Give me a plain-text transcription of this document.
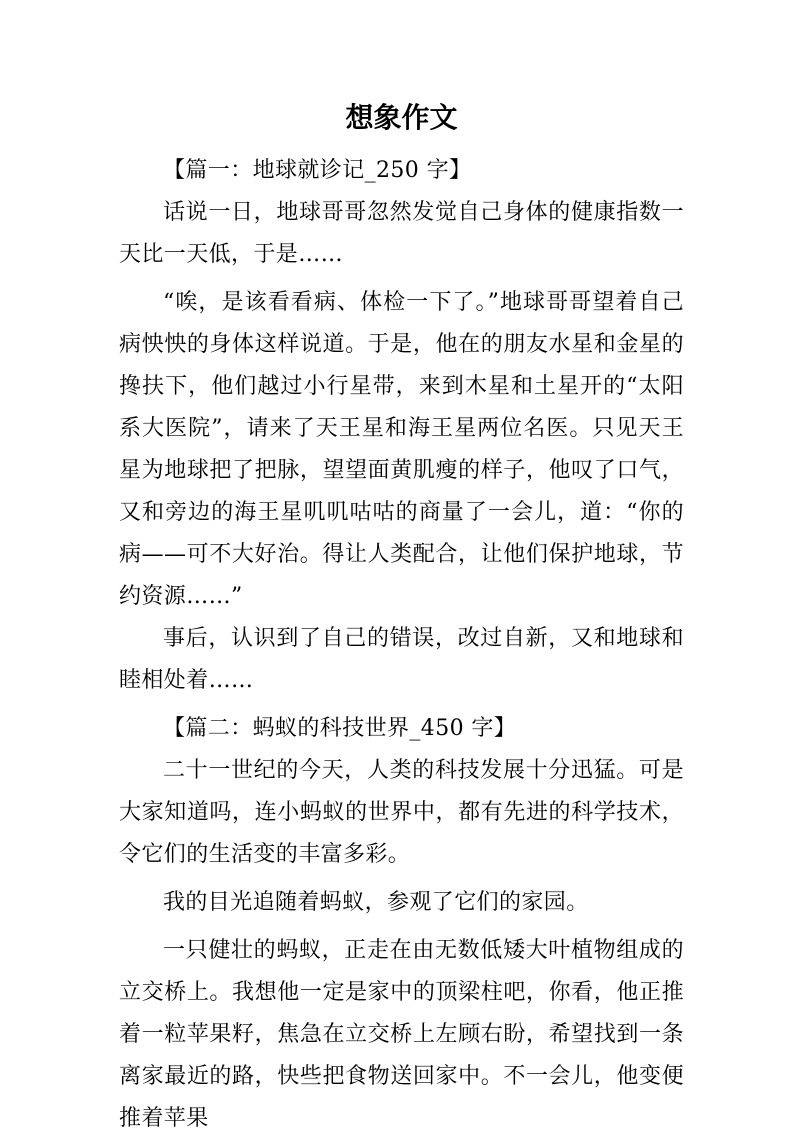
想象作文

【篇一：地球就诊记_250 字】

话说一日，地球哥哥忽然发觉自己身体的健康指数一天比一天低，于是……

“唉，是该看看病、体检一下了。”地球哥哥望着自己病怏怏的身体这样说道。于是，他在的朋友水星和金星的搀扶下，他们越过小行星带，来到木星和土星开的“太阳系大医院”，请来了天王星和海王星两位名医。只见天王星为地球把了把脉，望望面黄肌瘦的样子，他叹了口气，又和旁边的海王星叽叽咕咕的商量了一会儿，道：“你的病——可不大好治。得让人类配合，让他们保护地球，节约资源……”

事后，认识到了自己的错误，改过自新，又和地球和睦相处着……

【篇二：蚂蚁的科技世界_450 字】

二十一世纪的今天，人类的科技发展十分迅猛。可是大家知道吗，连小蚂蚁的世界中，都有先进的科学技术，令它们的生活变的丰富多彩。

我的目光追随着蚂蚁，参观了它们的家园。

一只健壮的蚂蚁，正走在由无数低矮大叶植物组成的立交桥上。我想他一定是家中的顶梁柱吧，你看，他正推着一粒苹果籽，焦急在立交桥上左顾右盼，希望找到一条离家最近的路，快些把食物送回家中。不一会儿，他变便推着苹果
